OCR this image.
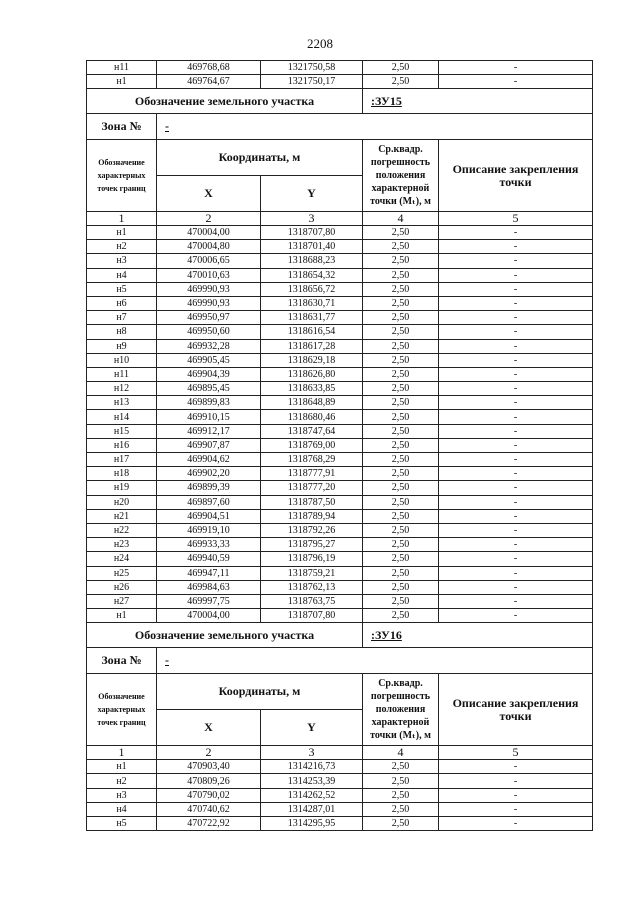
2208
н11	469768,68	1321750,58	2,50	-
н1	469764,67	1321750,17	2,50	-
Обозначение земельного участка			:ЗУ15	
Зона №	-			
Обозначение характерных точек границ	Координаты, м		Ср.квадр. погрешность положения характерной точки (Mₜ), м	Описание закрепления точки
	X	Y		
1	2	3	4	5
н1	470004,00	1318707,80	2,50	-
н2	470004,80	1318701,40	2,50	-
н3	470006,65	1318688,23	2,50	-
н4	470010,63	1318654,32	2,50	-
н5	469990,93	1318656,72	2,50	-
н6	469990,93	1318630,71	2,50	-
н7	469950,97	1318631,77	2,50	-
н8	469950,60	1318616,54	2,50	-
н9	469932,28	1318617,28	2,50	-
н10	469905,45	1318629,18	2,50	-
н11	469904,39	1318626,80	2,50	-
н12	469895,45	1318633,85	2,50	-
н13	469899,83	1318648,89	2,50	-
н14	469910,15	1318680,46	2,50	-
н15	469912,17	1318747,64	2,50	-
н16	469907,87	1318769,00	2,50	-
н17	469904,62	1318768,29	2,50	-
н18	469902,20	1318777,91	2,50	-
н19	469899,39	1318777,20	2,50	-
н20	469897,60	1318787,50	2,50	-
н21	469904,51	1318789,94	2,50	-
н22	469919,10	1318792,26	2,50	-
н23	469933,33	1318795,27	2,50	-
н24	469940,59	1318796,19	2,50	-
н25	469947,11	1318759,21	2,50	-
н26	469984,63	1318762,13	2,50	-
н27	469997,75	1318763,75	2,50	-
н1	470004,00	1318707,80	2,50	-
Обозначение земельного участка			:ЗУ16	
Зона №	-			
Обозначение характерных точек границ	Координаты, м		Ср.квадр. погрешность положения характерной точки (Mₜ), м	Описание закрепления точки
	X	Y		
1	2	3	4	5
н1	470903,40	1314216,73	2,50	-
н2	470809,26	1314253,39	2,50	-
н3	470790,02	1314262,52	2,50	-
н4	470740,62	1314287,01	2,50	-
н5	470722,92	1314295,95	2,50	-
